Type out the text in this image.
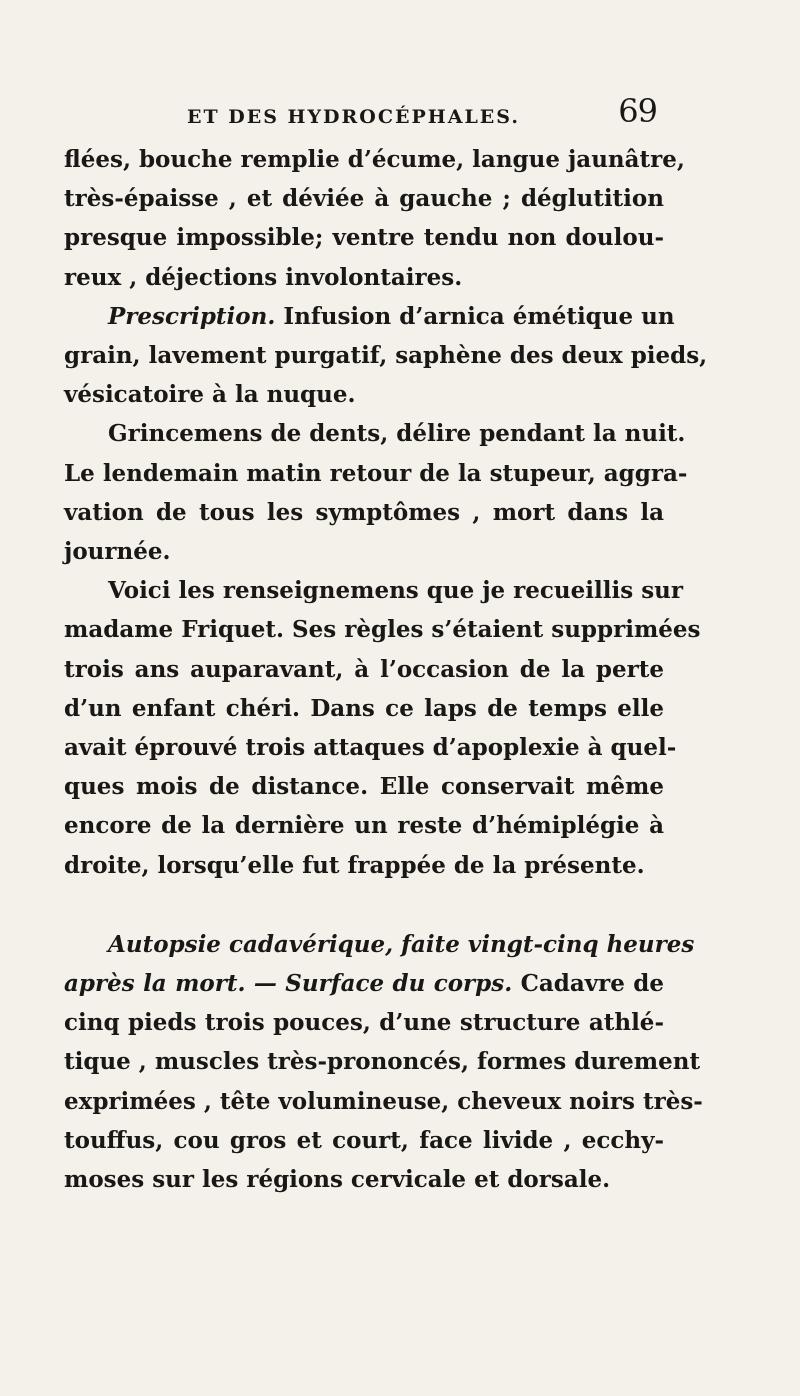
ET DES HYDROCÉPHALES.	69
flées, bouche remplie d’écume, langue jaunâtre,
très-épaisse , et déviée à gauche ; déglutition
presque impossible; ventre tendu non doulou-
reux , déjections involontaires.
Prescription. Infusion d’arnica émétique un
grain, lavement purgatif, saphène des deux pieds,
vésicatoire à la nuque.
Grincemens de dents, délire pendant la nuit.
Le lendemain matin retour de la stupeur, aggra-
vation de tous les symptômes , mort dans la
journée.
Voici les renseignemens que je recueillis sur
madame Friquet. Ses règles s’étaient supprimées
trois ans auparavant, à l’occasion de la perte
d’un enfant chéri. Dans ce laps de temps elle
avait éprouvé trois attaques d’apoplexie à quel-
ques mois de distance. Elle conservait même
encore de la dernière un reste d’hémiplégie à
droite, lorsqu’elle fut frappée de la présente.
Autopsie cadavérique, faite vingt-cinq heures
après la mort. — Surface du corps. Cadavre de
cinq pieds trois pouces, d’une structure athlé-
tique , muscles très-prononcés, formes durement
exprimées , tête volumineuse, cheveux noirs très-
touffus, cou gros et court, face livide , ecchy-
moses sur les régions cervicale et dorsale.
